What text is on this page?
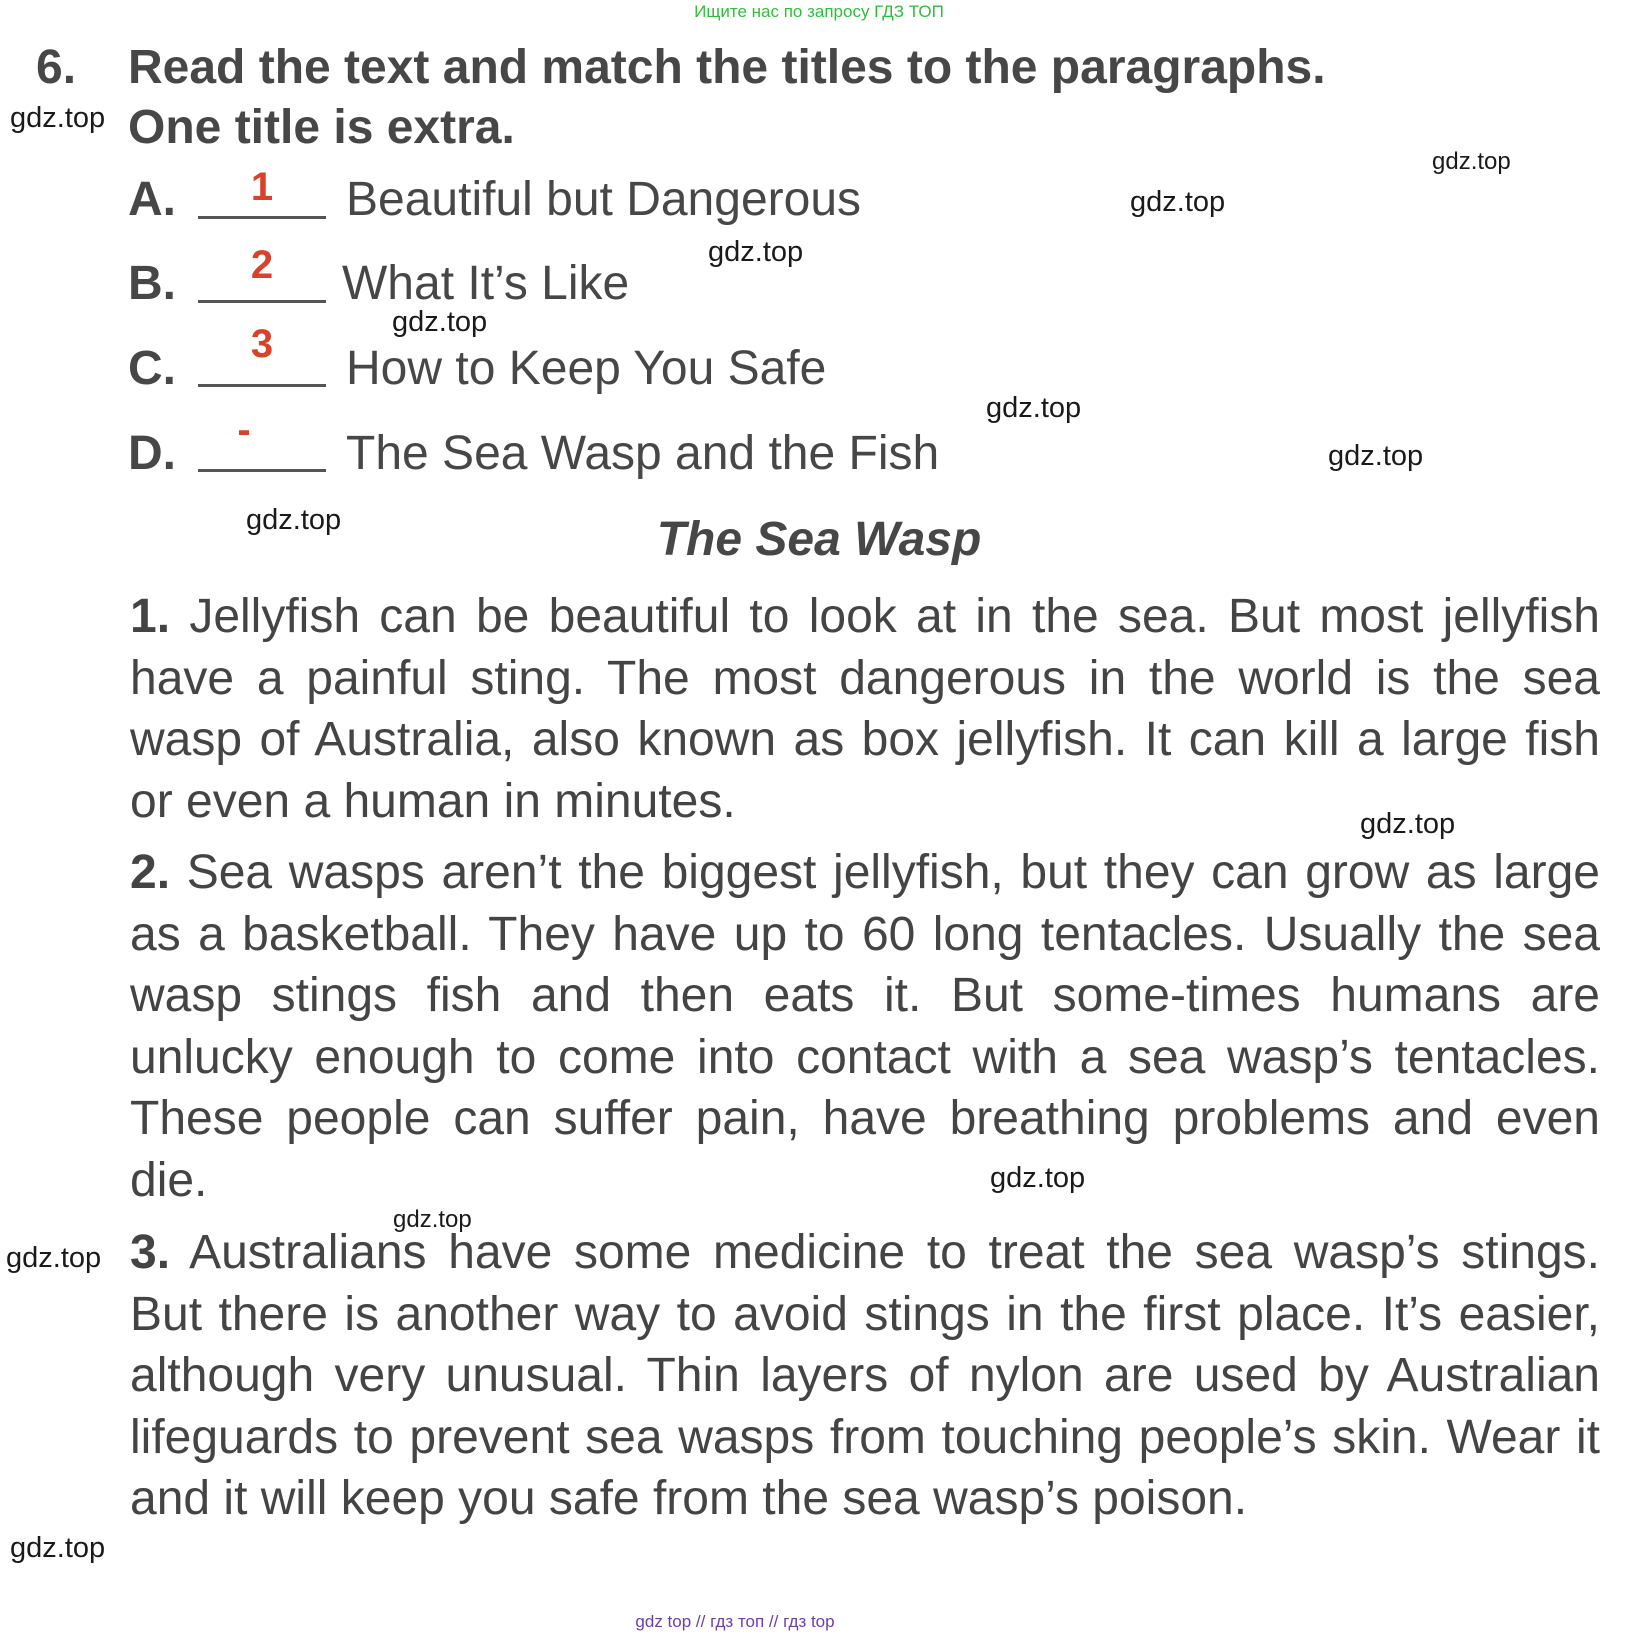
Ищите нас по запросу ГДЗ ТОП
6. Read the text and match the titles to the paragraphs.
One title is extra.
A.	1	Beautiful but Dangerous
B.	2	What It’s Like
C.	3	How to Keep You Safe
D.	-	The Sea Wasp and the Fish
The Sea Wasp
1. Jellyfish can be beautiful to look at in the sea. But most jellyfish have a painful sting. The most dangerous in the world is the sea wasp of Australia, also known as box jellyfish. It can kill a large fish or even a human in minutes.
2. Sea wasps aren’t the biggest jellyfish, but they can grow as large as a basketball. They have up to 60 long tentacles. Usually the sea wasp stings fish and then eats it. But some-times humans are unlucky enough to come into contact with a sea wasp’s tentacles. These people can suffer pain, have breathing problems and even die.
3. Australians have some medicine to treat the sea wasp’s stings. But there is another way to avoid stings in the first place. It’s easier, although very unusual. Thin layers of nylon are used by Australian lifeguards to prevent sea wasps from touching people’s skin. Wear it and it will keep you safe from the sea wasp’s poison.
gdz.top
gdz.top
gdz.top
gdz.top
gdz.top
gdz.top
gdz.top
gdz.top
gdz.top
gdz.top
gdz.top
gdz.top
gdz.top
gdz top // гдз топ // гдз top
